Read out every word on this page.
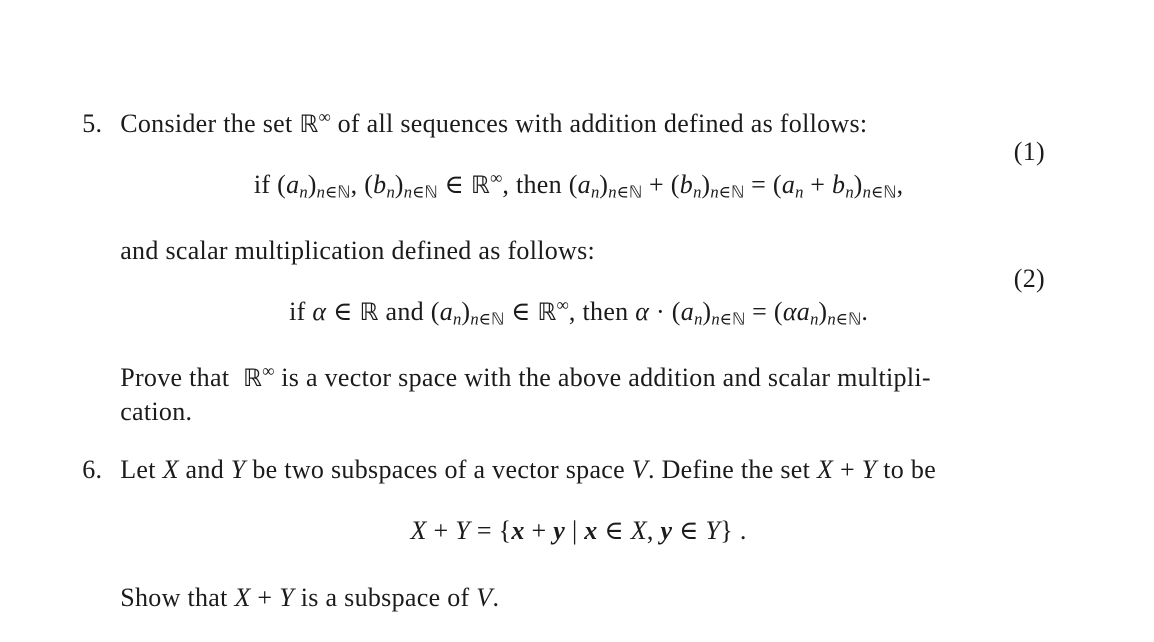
5. Consider the set ℝ∞ of all sequences with addition defined as follows:

if $(a_n)_{n\in ℕ}$, $(b_n)_{n\in ℕ}$ ∈ ℝ∞, then $(a_n)_{n\in ℕ} + (b_n)_{n\in ℕ} = (a_n + b_n)_{n\in ℕ}$,

(1)

and scalar multiplication defined as follows:

if α ∈ ℝ and $(a_n)_{n\in ℕ}$ ∈ ℝ∞, then $\alpha \cdot (a_n)_{n\in ℕ} = (\alpha a_n)_{n\in ℕ}$.

(2)

Prove that  ℝ∞ is a vector space with the above addition and scalar multipli-

cation.

6. Let X and Y be two subspaces of a vector space V. Define the set X + Y to be

X + Y = {x + y | x ∈ X, y ∈ Y} .

Show that X + Y is a subspace of V.
